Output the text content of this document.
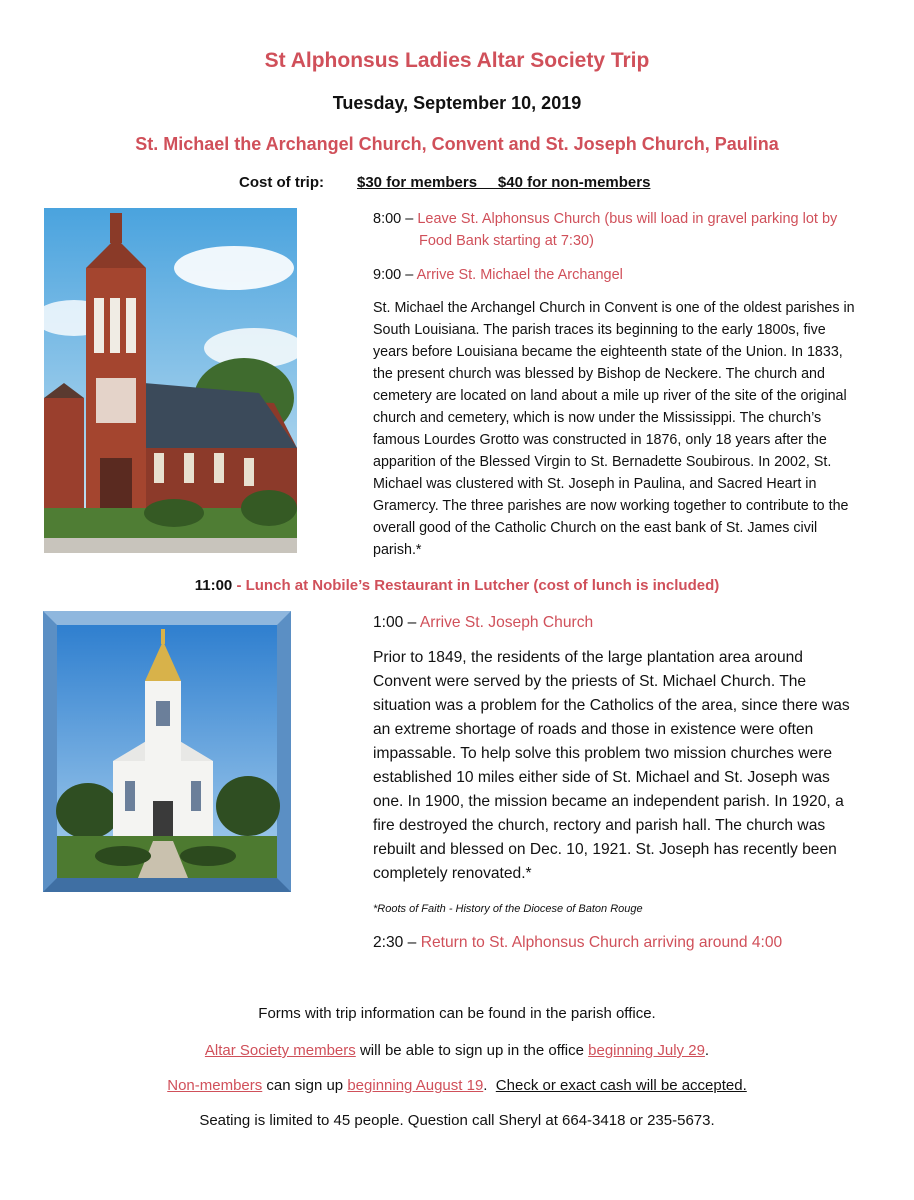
St Alphonsus Ladies Altar Society Trip
Tuesday, September 10, 2019
St. Michael the Archangel Church, Convent and St. Joseph Church, Paulina
Cost of trip: $30 for members     $40 for non-members
8:00 – Leave St. Alphonsus Church (bus will load in gravel parking lot by
Food Bank starting at 7:30)
9:00 – Arrive St. Michael the Archangel
St. Michael the Archangel Church in Convent is one of the oldest parishes in South Louisiana. The parish traces its beginning to the early 1800s, five years before Louisiana became the eighteenth state of the Union. In 1833, the present church was blessed by Bishop de Neckere. The church and cemetery are located on land about a mile up river of the site of the original church and cemetery, which is now under the Mississippi. The church’s famous Lourdes Grotto was constructed in 1876, only 18 years after the apparition of the Blessed Virgin to St. Bernadette Soubirous. In 2002, St. Michael was clustered with St. Joseph in Paulina, and Sacred Heart in Gramercy. The three parishes are now working together to contribute to the overall good of the Catholic Church on the east bank of St. James civil parish.*
11:00 - Lunch at Nobile’s Restaurant in Lutcher (cost of lunch is included)
1:00 – Arrive St. Joseph Church
Prior to 1849, the residents of the large plantation area around Convent were served by the priests of St. Michael Church. The situation was a problem for the Catholics of the area, since there was an extreme shortage of roads and those in existence were often impassable. To help solve this problem two mission churches were established 10 miles either side of St. Michael and St. Joseph was one. In 1900, the mission became an independent parish. In 1920, a fire destroyed the church, rectory and parish hall. The church was rebuilt and blessed on Dec. 10, 1921. St. Joseph has recently been completely renovated.*
*Roots of Faith - History of the Diocese of Baton Rouge
2:30 – Return to St. Alphonsus Church arriving around 4:00
Forms with trip information can be found in the parish office.
Altar Society members will be able to sign up in the office beginning July 29.
Non-members can sign up beginning August 19.  Check or exact cash will be accepted.
Seating is limited to 45 people. Question call Sheryl at 664-3418 or 235-5673.
